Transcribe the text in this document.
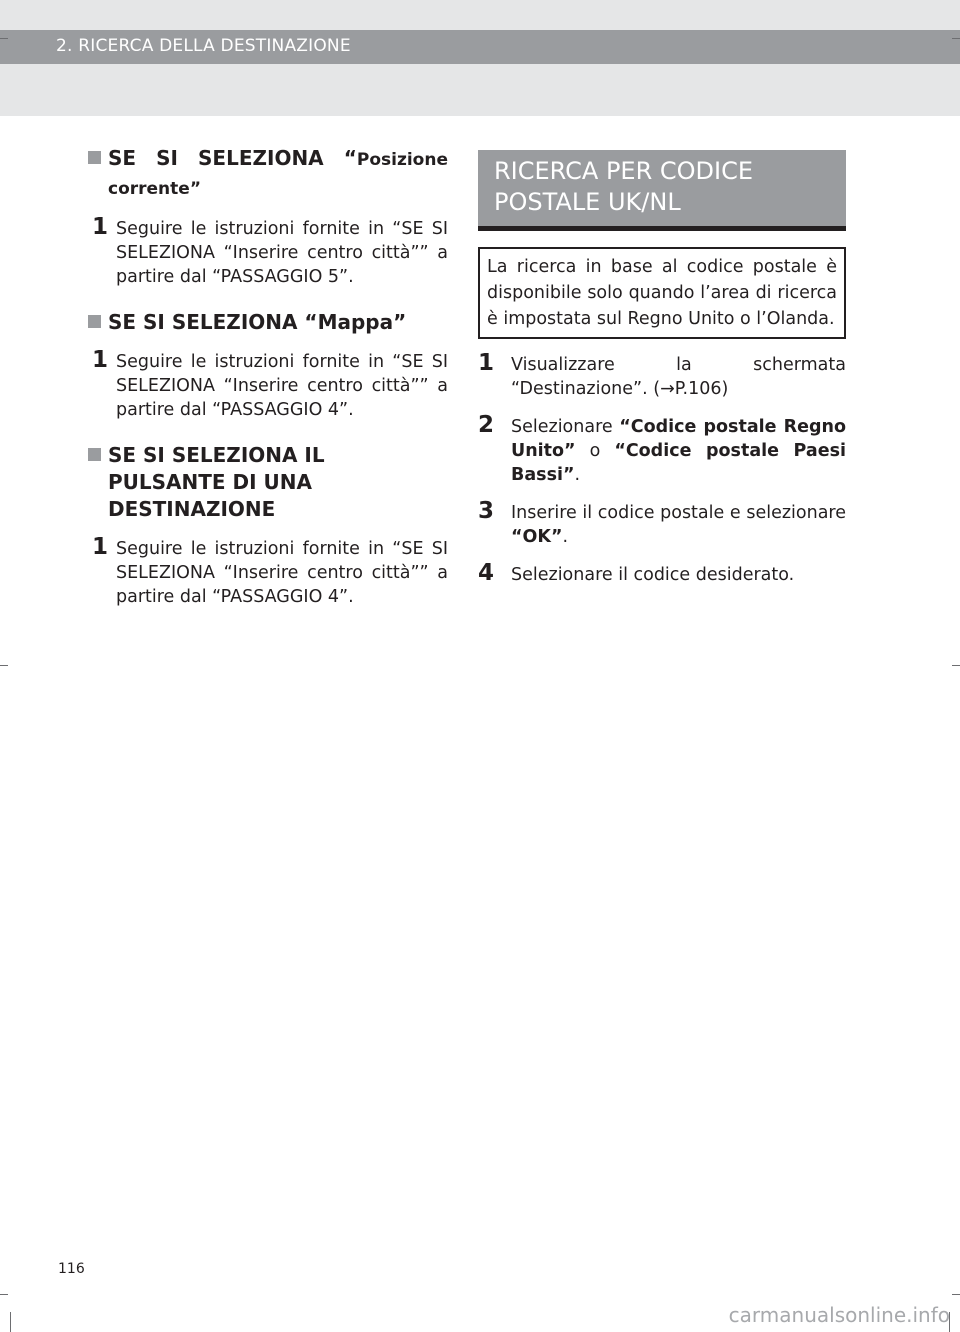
2. RICERCA DELLA DESTINAZIONE
SE SI SELEZIONA “Posizione corrente”
1 Seguire le istruzioni fornite in “SE SI SELEZIONA “Inserire centro città”” a partire dal “PASSAGGIO 5”.
SE SI SELEZIONA “Mappa”
1 Seguire le istruzioni fornite in “SE SI SELEZIONA “Inserire centro città”” a partire dal “PASSAGGIO 4”.
SE SI SELEZIONA IL PULSANTE DI UNA DESTINAZIONE
1 Seguire le istruzioni fornite in “SE SI SELEZIONA “Inserire centro città”” a partire dal “PASSAGGIO 4”.
RICERCA PER CODICE POSTALE UK/NL
La ricerca in base al codice postale è disponibile solo quando l’area di ricerca è impostata sul Regno Unito o l’Olanda.
1 Visualizzare la schermata “Destinazione”. (→P.106)
2 Selezionare “Codice postale Regno Unito” o “Codice postale Paesi Bassi”.
3 Inserire il codice postale e selezionare “OK”.
4 Selezionare il codice desiderato.
116
carmanualsonline.info
